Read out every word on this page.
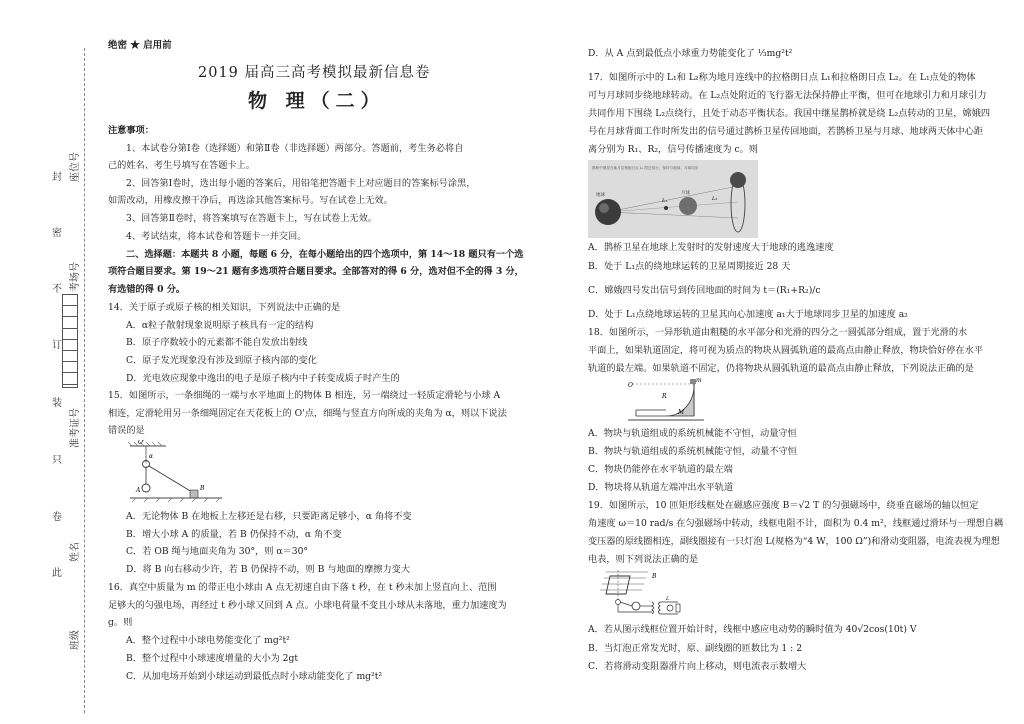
座位号
考场号
准考证号
姓名
班级
封
密
不
订
装
只
卷
此
绝密 ★ 启用前
2019 届高三高考模拟最新信息卷
物 理（二）
注意事项：
1、本试卷分第Ⅰ卷（选择题）和第Ⅱ卷（非选择题）两部分。答题前，考生务必将自
己的姓名、考生号填写在答题卡上。
2、回答第Ⅰ卷时，选出每小题的答案后，用铅笔把答题卡上对应题目的答案标号涂黑，
如需改动，用橡皮擦干净后，再选涂其他答案标号。写在试卷上无效。
3、回答第Ⅱ卷时，将答案填写在答题卡上，写在试卷上无效。
4、考试结束，将本试卷和答题卡一并交回。
二、选择题：本题共 8 小题，每题 6 分，在每小题给出的四个选项中，第 14～18 题只有一个选
项符合题目要求。第 19～21 题有多选项符合题目要求。全部答对的得 6 分，选对但不全的得 3 分，
有选错的得 0 分。
14．关于原子或原子核的相关知识，下列说法中正确的是
A．α粒子散射现象说明原子核具有一定的结构
B．原子序数较小的元素都不能自发放出射线
C．原子发光现象没有涉及到原子核内部的变化
D．光电效应现象中逸出的电子是原子核内中子转变成质子时产生的
15．如图所示，一条细绳的一端与水平地面上的物体 B 相连，另一端绕过一轻质定滑轮与小球 A
相连，定滑轮用另一条细绳固定在天花板上的 O'点，细绳与竖直方向所成的夹角为 α，则以下说法
错误的是
O'
α
A	B
A．无论物体 B 在地板上左移还是右移，只要距离足够小，α 角将不变
B．增大小球 A 的质量，若 B 仍保持不动，α 角不变
C．若 OB 绳与地面夹角为 30°，则 α＝30°
D．将 B 向右移动少许，若 B 仍保持不动，则 B 与地面的摩擦力变大
16．真空中质量为 m 的带正电小球由 A 点无初速自由下落 t 秒，在 t 秒末加上竖直向上、范围
足够大的匀强电场，再经过 t 秒小球又回到 A 点。小球电荷量不变且小球从未落地，重力加速度为
g。则
A．整个过程中小球电势能变化了 mg²t²
B．整个过程中小球速度增量的大小为 2gt
C．从加电场开始到小球运动到最低点时小球动能变化了 mg²t²
D．从 A 点到最低点小球重力势能变化了 ⅓mg²t²
17．如图所示中的 L₁和 L₂称为地月连线中的拉格朗日点 L₁和拉格朗日点 L₂。在 L₁点处的物体
可与月球同步绕地球转动。在 L₂点处附近的飞行器无法保持静止平衡，但可在地球引力和月球引力
共同作用下围绕 L₂点绕行，且处于动态平衡状态。我国中继星鹊桥就是绕 L₂点转动的卫星，嫦娥四
号在月球背面工作时所发出的信号通过鹊桥卫星传回地面，若鹊桥卫星与月球、地球两天体中心距
离分别为 R₁、R₂，信号传播速度为 c。则
鹊桥中继星在地月拉格朗日点 L₂ 附近绕行，保持与地球、月球同步
地球	月球
L₁	L₂
A．鹊桥卫星在地球上发射时的发射速度大于地球的逃逸速度
B．处于 L₁点的绕地球运转的卫星周期接近 28 天
C．嫦娥四号发出信号到传回地面的时间为 t＝(R₁+R₂)/c
D．处于 L₁点绕地球运转的卫星其向心加速度 a₁大于地球同步卫星的加速度 a₂
18．如图所示，一异形轨道由粗糙的水平部分和光滑的四分之一圆弧部分组成，置于光滑的水
平面上，如果轨道固定，将可视为质点的物块从圆弧轨道的最高点由静止释放，物块恰好停在水平
轨道的最左端。如果轨道不固定，仍将物块从圆弧轨道的最高点由静止释放，下列说法正确的是
O
m
R
M
A．物块与轨道组成的系统机械能不守恒，动量守恒
B．物块与轨道组成的系统机械能守恒，动量不守恒
C．物块仍能停在水平轨道的最左端
D．物块将从轨道左端冲出水平轨道
19．如图所示，10 匝矩形线框处在磁感应强度 B＝√2 T 的匀强磁场中，绕垂直磁场的轴以恒定
角速度 ω＝10 rad/s 在匀强磁场中转动，线框电阻不计，面积为 0.4 m²，线框通过滑环与一理想自耦
变压器的原线圈相连，副线圈接有一只灯泡 L(规格为“4 W，100 Ω”)和滑动变阻器，电流表视为理想
电表，则下列说法正确的是
B
L
A．若从图示线框位置开始计时，线框中感应电动势的瞬时值为 40√2cos(10t) V
B．当灯泡正常发光时，原、副线圈的匝数比为 1 : 2
C．若将滑动变阻器滑片向上移动，则电流表示数增大
